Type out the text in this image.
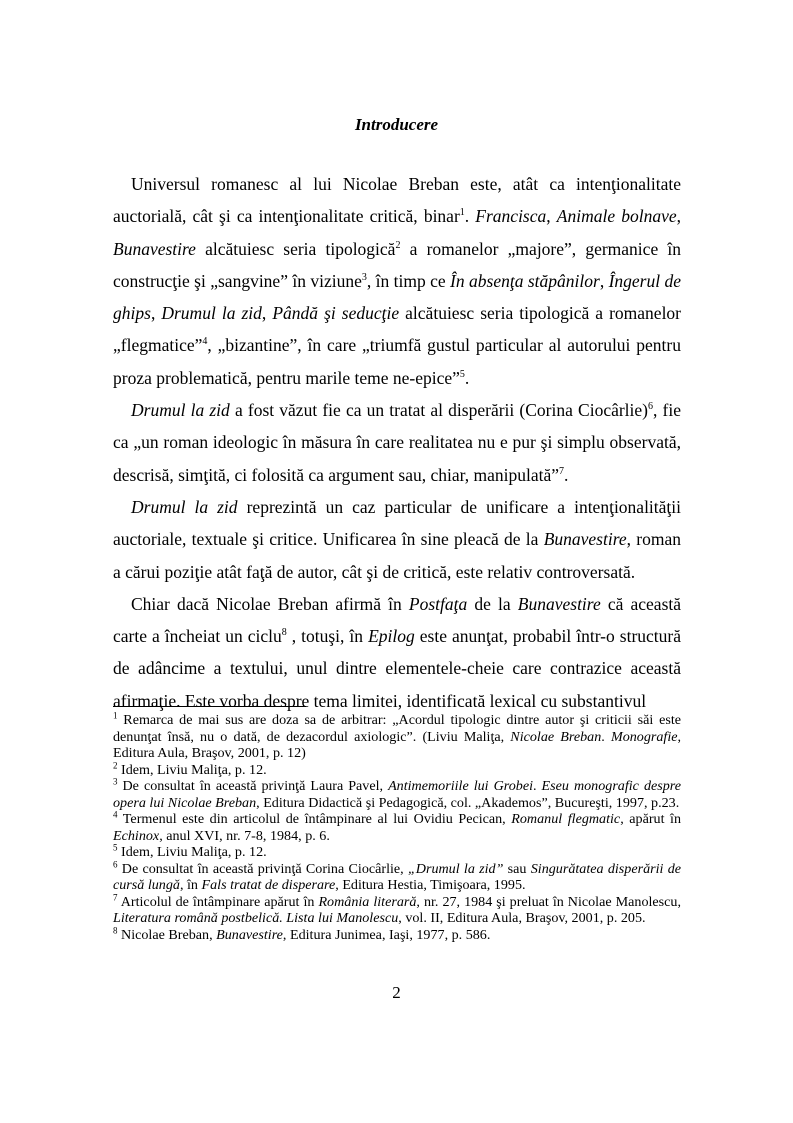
Introducere

Universul romanesc al lui Nicolae Breban este, atât ca intenţionalitate auctorială, cât şi ca intenţionalitate critică, binar$^1$. Francisca, Animale bolnave, Bunavestire alcătuiesc seria tipologică$^2$ a romanelor „majore”, germanice în construcţie şi „sangvine” în viziune$^3$, în timp ce În absenţa stăpânilor, Îngerul de ghips, Drumul la zid, Pândă şi seducţie alcătuiesc seria tipologică a romanelor „flegmatice”$^4$, „bizantine”, în care „triumfă gustul particular al autorului pentru proza problematică, pentru marile teme ne-epice”$^5$.

Drumul la zid a fost văzut fie ca un tratat al disperării (Corina Ciocârlie)$^6$, fie ca „un roman ideologic în măsura în care realitatea nu e pur şi simplu observată, descrisă, simţită, ci folosită ca argument sau, chiar, manipulată”$^7$.

Drumul la zid reprezintă un caz particular de unificare a intenţionalităţii auctoriale, textuale şi critice. Unificarea în sine pleacă de la Bunavestire, roman a cărui poziţie atât faţă de autor, cât şi de critică, este relativ controversată.

Chiar dacă Nicolae Breban afirmă în Postfaţa de la Bunavestire că această carte a încheiat un ciclu$^8$ , totuşi, în Epilog este anunţat, probabil într-o structură de adâncime a textului, unul dintre elementele-cheie care contrazice această afirmaţie. Este vorba despre tema limitei, identificată lexical cu substantivul

$^1$ Remarca de mai sus are doza sa de arbitrar: „Acordul tipologic dintre autor şi criticii săi este denunţat însă, nu o dată, de dezacordul axiologic”. (Liviu Maliţa, Nicolae Breban. Monografie, Editura Aula, Braşov, 2001, p. 12)

$^2$ Idem, Liviu Maliţa, p. 12.

$^3$ De consultat în această privinţă Laura Pavel, Antimemoriile lui Grobei. Eseu monografic despre opera lui Nicolae Breban, Editura Didactică şi Pedagogică, col. „Akademos”, Bucureşti, 1997, p.23.

$^4$ Termenul este din articolul de întâmpinare al lui Ovidiu Pecican, Romanul flegmatic, apărut în Echinox, anul XVI, nr. 7-8, 1984, p. 6.

$^5$ Idem, Liviu Maliţa, p. 12.

$^6$ De consultat în această privinţă Corina Ciocârlie, „Drumul la zid” sau Singurătatea disperării de cursă lungă, în Fals tratat de disperare, Editura Hestia, Timişoara, 1995.

$^7$ Articolul de întâmpinare apărut în România literară, nr. 27, 1984 şi preluat în Nicolae Manolescu, Literatura română postbelică. Lista lui Manolescu, vol. II, Editura Aula, Braşov, 2001, p. 205.

$^8$ Nicolae Breban, Bunavestire, Editura Junimea, Iaşi, 1977, p. 586.

2
